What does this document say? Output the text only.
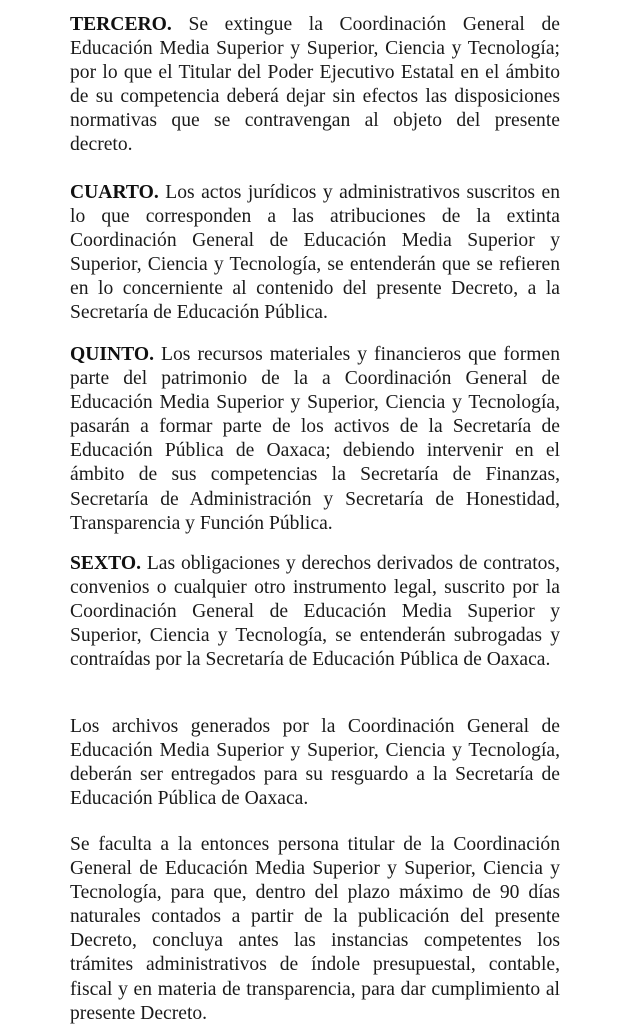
TERCERO. Se extingue la Coordinación General de Educación Media Superior y Superior, Ciencia y Tecnología; por lo que el Titular del Poder Ejecutivo Estatal en el ámbito de su competencia deberá dejar sin efectos las disposiciones normativas que se contravengan al objeto del presente decreto.

CUARTO. Los actos jurídicos y administrativos suscritos en lo que corresponden a las atribuciones de la extinta Coordinación General de Educación Media Superior y Superior, Ciencia y Tecnología, se entenderán que se refieren en lo concerniente al contenido del presente Decreto, a la Secretaría de Educación Pública.

QUINTO. Los recursos materiales y financieros que formen parte del patrimonio de la a Coordinación General de Educación Media Superior y Superior, Ciencia y Tecnología, pasarán a formar parte de los activos de la Secretaría de Educación Pública de Oaxaca; debiendo intervenir en el ámbito de sus competencias la Secretaría de Finanzas, Secretaría de Administración y Secretaría de Honestidad, Transparencia y Función Pública.

SEXTO. Las obligaciones y derechos derivados de contratos, convenios o cualquier otro instrumento legal, suscrito por la Coordinación General de Educación Media Superior y Superior, Ciencia y Tecnología, se entenderán subrogadas y contraídas por la Secretaría de Educación Pública de Oaxaca.

Los archivos generados por la Coordinación General de Educación Media Superior y Superior, Ciencia y Tecnología, deberán ser entregados para su resguardo a la Secretaría de Educación Pública de Oaxaca.

Se faculta a la entonces persona titular de la Coordinación General de Educación Media Superior y Superior, Ciencia y Tecnología, para que, dentro del plazo máximo de 90 días naturales contados a partir de la publicación del presente Decreto, concluya antes las instancias competentes los trámites administrativos de índole presupuestal, contable, fiscal y en materia de transparencia, para dar cumplimiento al presente Decreto.
